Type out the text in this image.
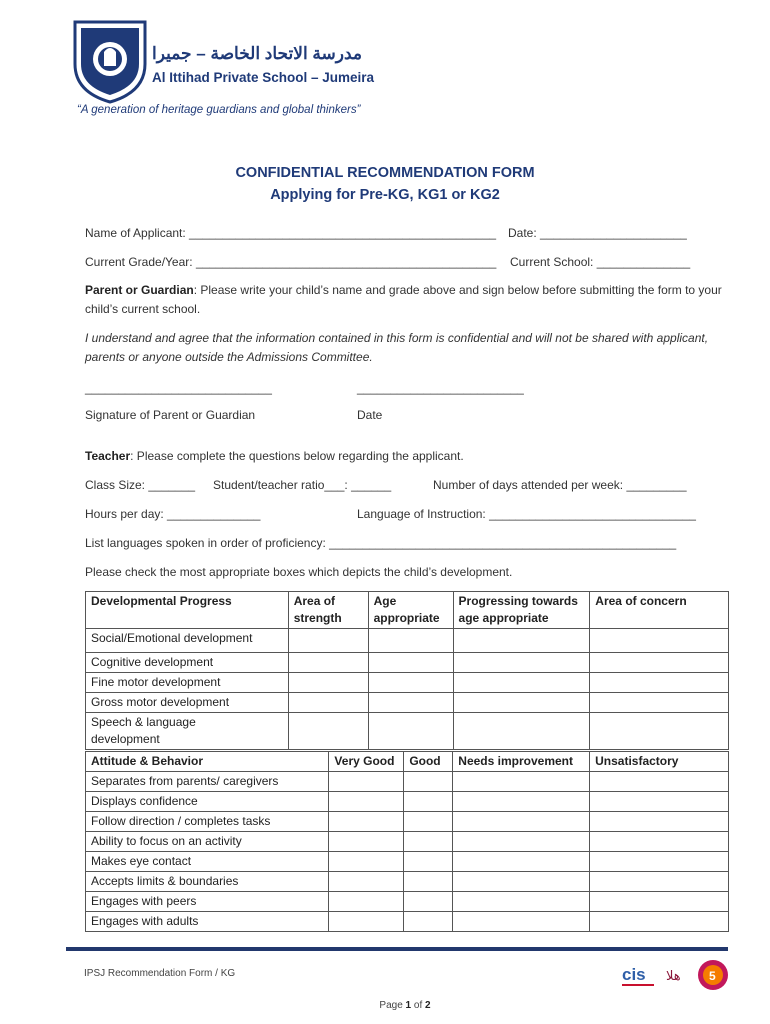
مدرسة الاتحاد الخاصة – جميرا
Al Ittihad Private School – Jumeira
“A generation of heritage guardians and global thinkers”
CONFIDENTIAL RECOMMENDATION FORM
Applying for Pre-KG, KG1 or KG2
Name of Applicant: ______________________________________________ Date: ______________________
Current Grade/Year: _____________________________________________ Current School: ______________
Parent or Guardian: Please write your child’s name and grade above and sign below before submitting the form to your child’s current school.
I understand and agree that the information contained in this form is confidential and will not be shared with applicant, parents or anyone outside the Admissions Committee.
____________________________	_________________________
Signature of Parent or Guardian	Date
Teacher: Please complete the questions below regarding the applicant.
Class Size: _______ Student/teacher ratio___: ______	Number of days attended per week: _________
Hours per day: ______________	Language of Instruction: _______________________________
List languages spoken in order of proficiency: ____________________________________________________
Please check the most appropriate boxes which depicts the child’s development.
Developmental Progress	Area of strength	Age appropriate	Progressing towards age appropriate	Area of concern
Social/Emotional development				
Cognitive development				
Fine motor development				
Gross motor development				

Speech & language development				

Attitude & Behavior	Very Good	Good	Needs improvement	Unsatisfactory
Separates from parents/ caregivers				
Displays confidence				
Follow direction / completes tasks				
Ability to focus on an activity				
Makes eye contact				
Accepts limits & boundaries				
Engages with peers				
Engages with adults				
IPSJ Recommendation Form / KG	cis هلا 5
Page 1 of 2
